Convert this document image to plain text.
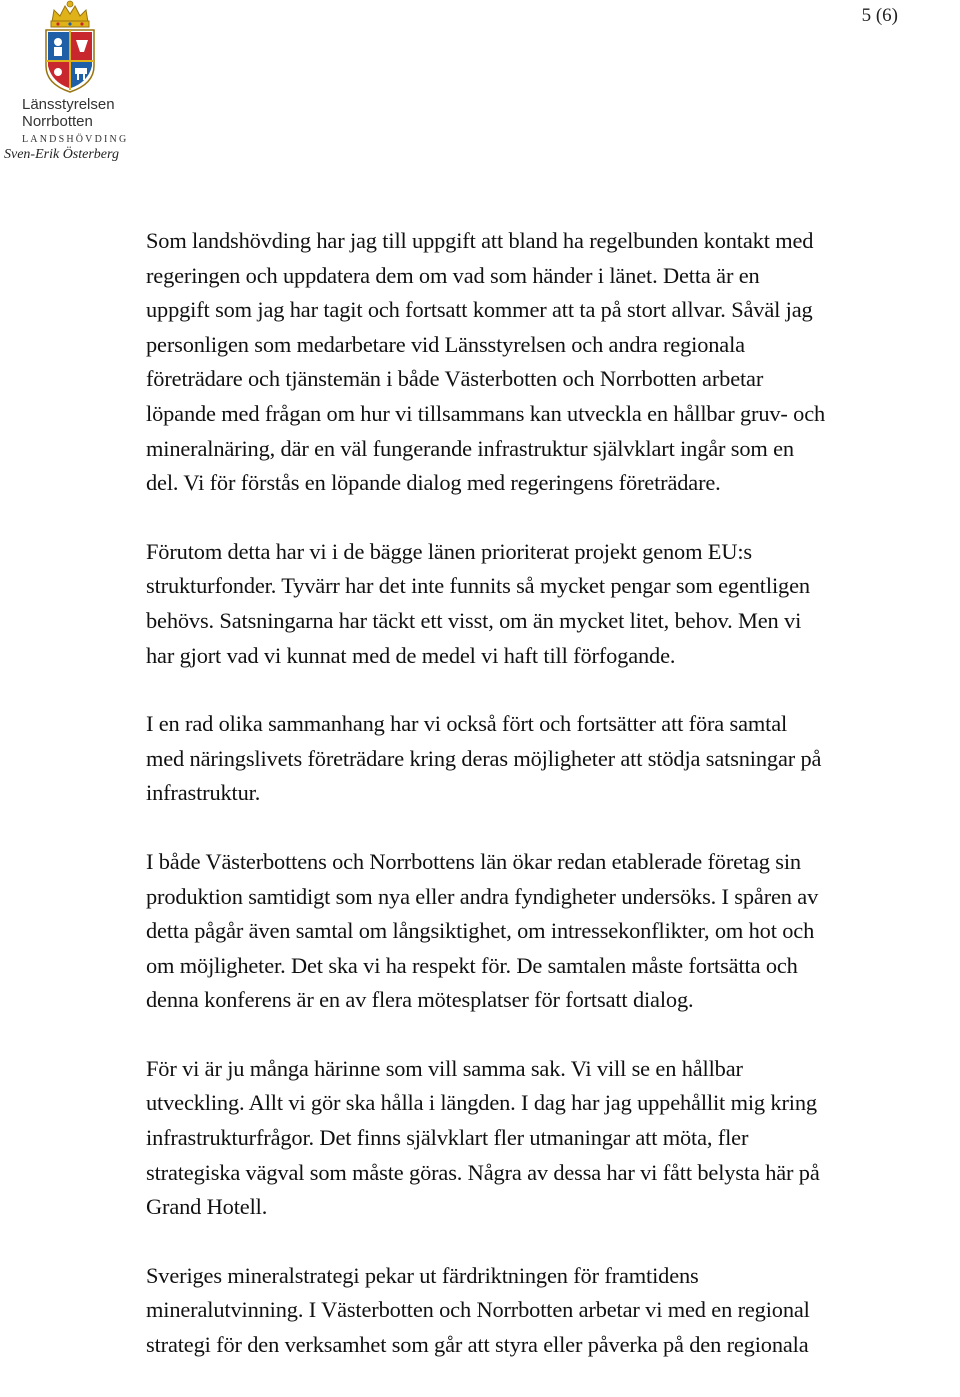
5 (6)
Länsstyrelsen
Norrbotten
LANDSHÖVDING
Sven-Erik Österberg

Som landshövding har jag till uppgift att bland ha regelbunden kontakt med
regeringen och uppdatera dem om vad som händer i länet. Detta är en
uppgift som jag har tagit och fortsatt kommer att ta på stort allvar. Såväl jag
personligen som medarbetare vid Länsstyrelsen och andra regionala
företrädare och tjänstemän i både Västerbotten och Norrbotten arbetar
löpande med frågan om hur vi tillsammans kan utveckla en hållbar gruv- och
mineralnäring, där en väl fungerande infrastruktur självklart ingår som en
del. Vi för förstås en löpande dialog med regeringens företrädare.

Förutom detta har vi i de bägge länen prioriterat projekt genom EU:s
strukturfonder. Tyvärr har det inte funnits så mycket pengar som egentligen
behövs. Satsningarna har täckt ett visst, om än mycket litet, behov. Men vi
har gjort vad vi kunnat med de medel vi haft till förfogande.

I en rad olika sammanhang har vi också fört och fortsätter att föra samtal
med näringslivets företrädare kring deras möjligheter att stödja satsningar på
infrastruktur.

I både Västerbottens och Norrbottens län ökar redan etablerade företag sin
produktion samtidigt som nya eller andra fyndigheter undersöks. I spåren av
detta pågår även samtal om långsiktighet, om intressekonflikter, om hot och
om möjligheter. Det ska vi ha respekt för. De samtalen måste fortsätta och
denna konferens är en av flera mötesplatser för fortsatt dialog.

För vi är ju många härinne som vill samma sak. Vi vill se en hållbar
utveckling. Allt vi gör ska hålla i längden. I dag har jag uppehållit mig kring
infrastrukturfrågor. Det finns självklart fler utmaningar att möta, fler
strategiska vägval som måste göras. Några av dessa har vi fått belysta här på
Grand Hotell.

Sveriges mineralstrategi pekar ut färdriktningen för framtidens
mineralutvinning. I Västerbotten och Norrbotten arbetar vi med en regional
strategi för den verksamhet som går att styra eller påverka på den regionala
